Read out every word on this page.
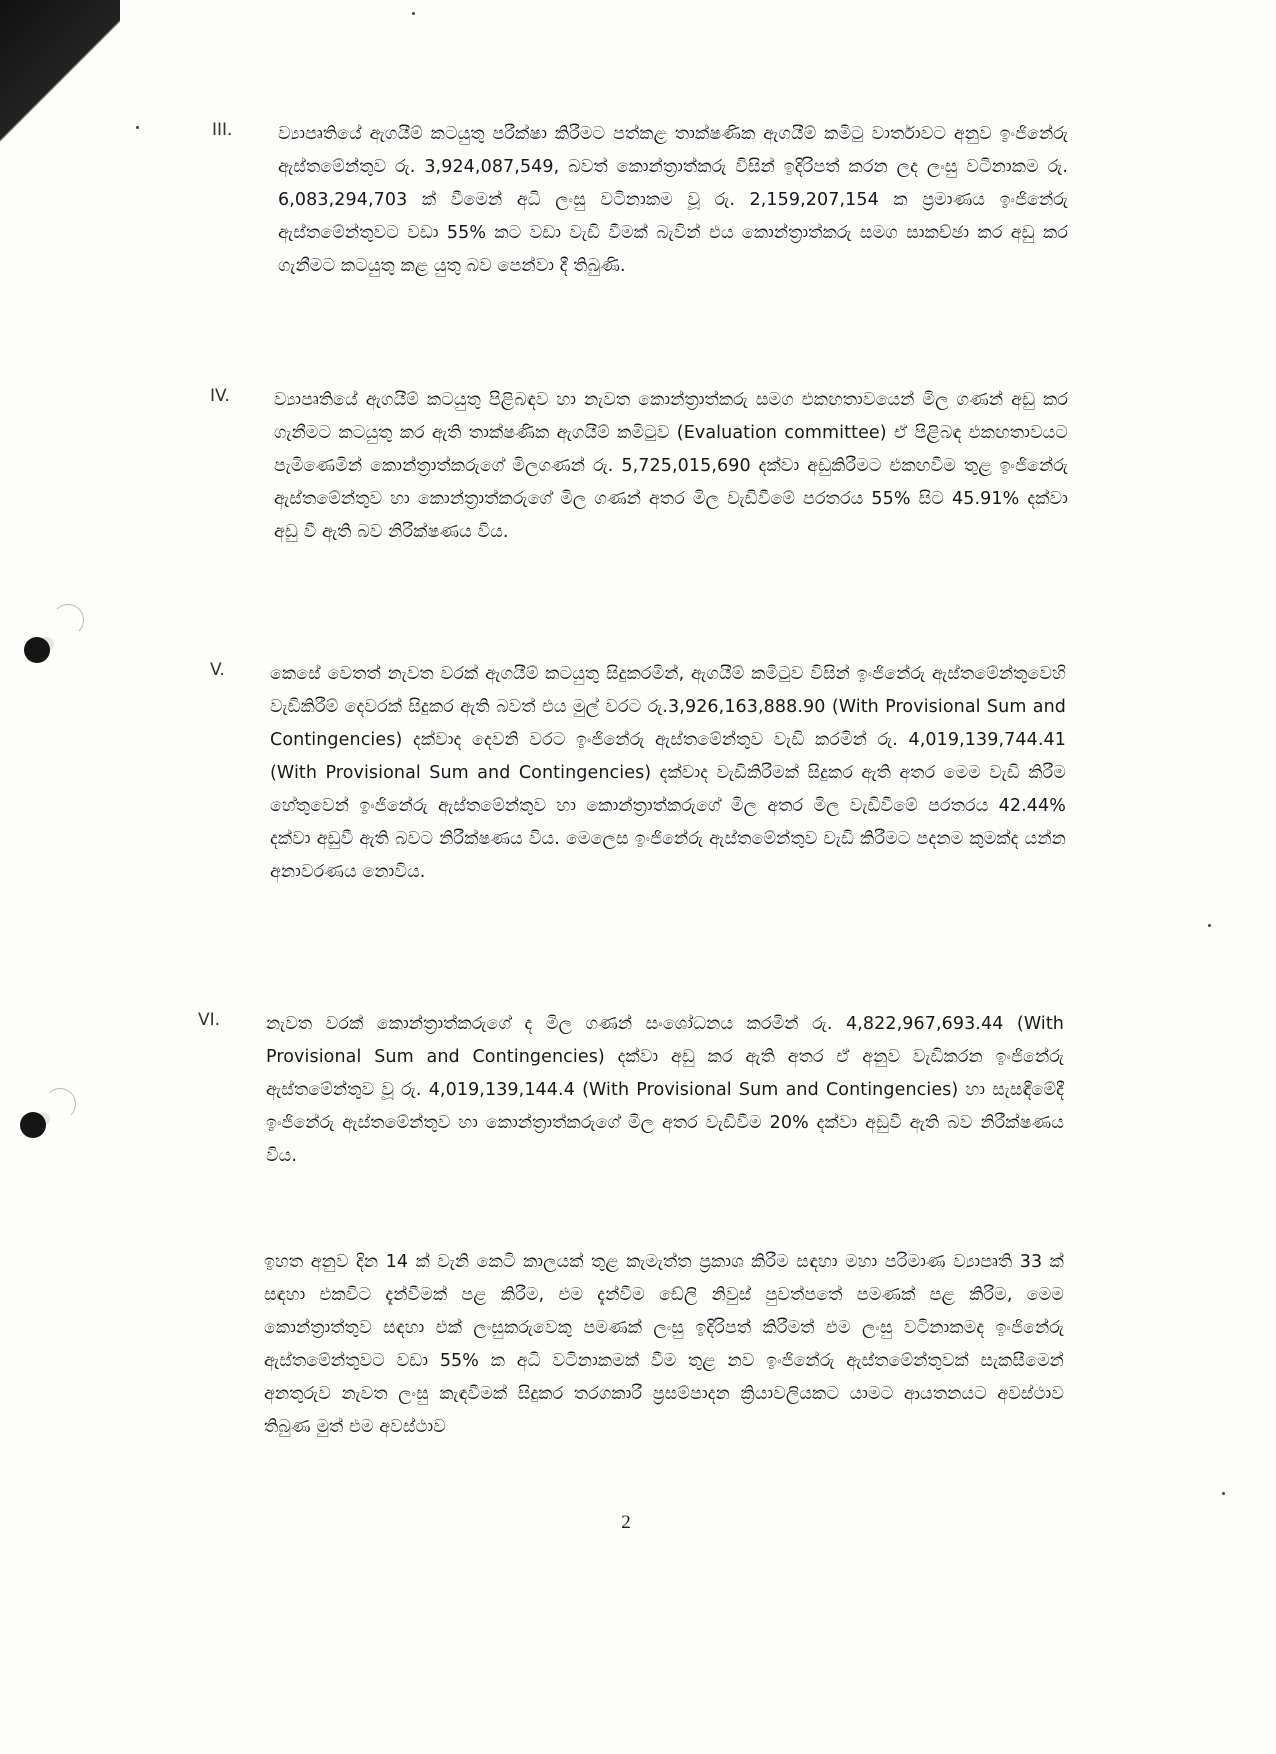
III.	ව්‍යාපෘතියේ ඇගයීම් කටයුතු පරීක්ෂා කිරීමට පත්කළ තාක්ෂණික ඇගයීම් කමිටු වාර්තාවට අනුව ඉංජිනේරු ඇස්තමේන්තුව රු. 3,924,087,549, බවත් කොන්ත්‍රාත්කරු විසින් ඉදිරිපත් කරන ලද ලංසු වටිනාකම රු. 6,083,294,703 ක් වීමෙන් අධි ලංසු වටිනාකම වූ රු. 2,159,207,154 ක ප්‍රමාණය ඉංජිනේරු ඇස්තමේන්තුවට වඩා 55% කට වඩා වැඩි වීමක් බැවින් එය කොන්ත්‍රාත්කරු සමග සාකච්ඡා කර අඩු කර ගැනීමට කටයුතු කළ යුතු බව පෙන්වා දී තිබුණි.
IV.	ව්‍යාපෘතියේ ඇගයීම් කටයුතු පිළිබඳව හා නැවත කොන්ත්‍රාත්කරු සමග එකඟතාවයෙන් මිල ගණන් අඩු කර ගැනීමට කටයුතු කර ඇති තාක්ෂණික ඇගයීම් කමිටුව (Evaluation committee) ඒ පිළිබඳ එකඟතාවයට පැමිණෙමින් කොන්ත්‍රාත්කරුගේ මිලගණන් රු. 5,725,015,690 දක්වා අඩුකිරීමට එකඟවීම තුළ ඉංජිනේරු ඇස්තමේන්තුව හා කොන්ත්‍රාත්කරුගේ මිල ගණන් අතර මිල වැඩිවීමේ පරතරය 55% සිට 45.91% දක්වා අඩු වී ඇති බව නිරීක්ෂණය විය.
V.	කෙසේ වෙතත් නැවත වරක් ඇගයීම් කටයුතු සිදුකරමින්, ඇගයීම් කමිටුව විසින් ඉංජිනේරු ඇස්තමේන්තුවෙහි වැඩිකිරීම් දෙවරක් සිදුකර ඇති බවත් එය මුල් වරට රු.3,926,163,888.90 (With Provisional Sum and Contingencies) දක්වාද දෙවනි වරට ඉංජිනේරු ඇස්තමේන්තුව වැඩි කරමින් රු. 4,019,139,744.41 (With Provisional Sum and Contingencies) දක්වාද වැඩිකිරීමක් සිදුකර ඇති අතර මෙම වැඩි කිරීම හේතුවෙන් ඉංජිනේරු ඇස්තමේන්තුව හා කොන්ත්‍රාත්කරුගේ මිල අතර මිල වැඩිවීමේ පරතරය 42.44% දක්වා අඩුවී ඇති බවට නිරීක්ෂණය විය. මෙලෙස ඉංජිනේරු ඇස්තමේන්තුව වැඩි කිරීමට පදනම කුමක්ද යන්න අනාවරණය නොවිය.
VI.	නැවත වරක් කොන්ත්‍රාත්කරුගේ ද මිල ගණන් සංශෝධනය කරමින් රු. 4,822,967,693.44 (With Provisional Sum and Contingencies) දක්වා අඩු කර ඇති අතර ඒ අනුව වැඩිකරන ඉංජිනේරු ඇස්තමේන්තුව වූ රු. 4,019,139,144.4 (With Provisional Sum and Contingencies) හා සැසඳීමේදී ඉංජිනේරු ඇස්තමේන්තුව හා කොන්ත්‍රාත්කරුගේ මිල අතර වැඩිවීම 20% දක්වා අඩුවී ඇති බව නිරීක්ෂණය විය.
ඉහත අනුව දින 14 ක් වැනි කෙටි කාලයක් තුළ කැමැත්ත ප්‍රකාශ කිරීම සඳහා මහා පරිමාණ ව්‍යාපෘති 33 ක් සඳහා එකවිට දැන්වීමක් පළ කිරීම, එම දැන්වීම ඩේලි නිවුස් පුවත්පතේ පමණක් පළ කිරීම, මෙම කොන්ත්‍රාත්තුව සඳහා එක් ලංසුකරුවෙකු පමණක් ලංසු ඉදිරිපත් කිරීමත් එම ලංසු වටිනාකමද ඉංජිනේරු ඇස්තමේන්තුවට වඩා 55% ක අධි වටිනාකමක් වීම තුළ නව ඉංජිනේරු ඇස්තමේන්තුවක් සැකසීමෙන් අනතුරුව නැවත ලංසු කැඳවීමක් සිදුකර තරගකාරී ප්‍රසම්පාදන ක්‍රියාවලියකට යාමට ආයතනයට අවස්ථාව තිබුණ මුත් එම අවස්ථාව
2
